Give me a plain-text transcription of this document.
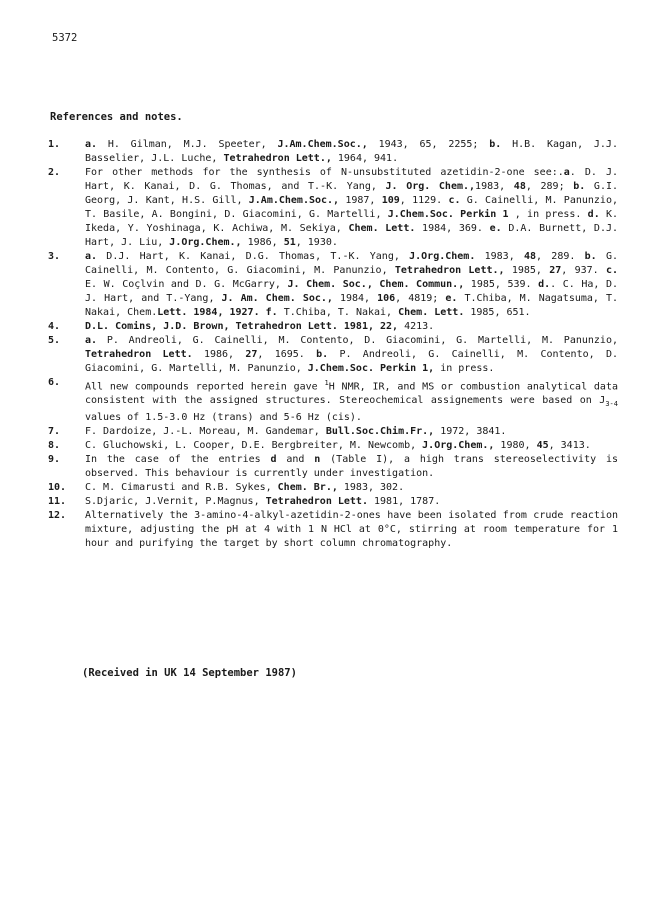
5372
References and notes.
1.	a. H. Gilman, M.J. Speeter, J.Am.Chem.Soc., 1943, 65, 2255; b. H.B. Kagan, J.J. Basselier, J.L. Luche, Tetrahedron Lett., 1964, 941.
2.	For other methods for the synthesis of N-unsubstituted azetidin-2-one see:.a. D. J. Hart, K. Kanai, D. G. Thomas, and T.-K. Yang, J. Org. Chem.,1983, 48, 289; b. G.I. Georg, J. Kant, H.S. Gill, J.Am.Chem.Soc., 1987, 109, 1129. c. G. Cainelli, M. Panunzio, T. Basile, A. Bongini, D. Giacomini, G. Martelli, J.Chem.Soc. Perkin 1 , in press. d. K. Ikeda, Y. Yoshinaga, K. Achiwa, M. Sekiya, Chem. Lett. 1984, 369. e. D.A. Burnett, D.J. Hart, J. Liu, J.Org.Chem., 1986, 51, 1930.
3.	a. D.J. Hart, K. Kanai, D.G. Thomas, T.-K. Yang, J.Org.Chem. 1983, 48, 289. b. G. Cainelli, M. Contento, G. Giacomini, M. Panunzio, Tetrahedron Lett., 1985, 27, 937. c. E. W. Coçlvin and D. G. McGarry, J. Chem. Soc., Chem. Commun., 1985, 539. d.. C. Ha, D. J. Hart, and T.-Yang, J. Am. Chem. Soc., 1984, 106, 4819; e. T.Chiba, M. Nagatsuma, T. Nakai, Chem.Lett. 1984, 1927. f. T.Chiba, T. Nakai, Chem. Lett. 1985, 651.
4.	D.L. Comins, J.D. Brown, Tetrahedron Lett. 1981, 22, 4213.
5.	a. P. Andreoli, G. Cainelli, M. Contento, D. Giacomini, G. Martelli, M. Panunzio, Tetrahedron Lett. 1986, 27, 1695. b. P. Andreoli, G. Cainelli, M. Contento, D. Giacomini, G. Martelli, M. Panunzio, J.Chem.Soc. Perkin 1, in press.
6.	All new compounds reported herein gave $^1$H NMR, IR, and MS or combustion analytical data consistent with the assigned structures. Stereochemical assignements were based on $J_{3-4}$ values of 1.5-3.0 Hz (trans) and 5-6 Hz (cis).
7.	F. Dardoize, J.-L. Moreau, M. Gandemar, Bull.Soc.Chim.Fr., 1972, 3841.
8.	C. Gluchowski, L. Cooper, D.E. Bergbreiter, M. Newcomb, J.Org.Chem., 1980, 45, 3413.
9.	In the case of the entries d and n (Table I), a high trans stereoselectivity is observed. This behaviour is currently under investigation.
10.	C. M. Cimarusti and R.B. Sykes, Chem. Br., 1983, 302.
11.	S.Djaric, J.Vernit, P.Magnus, Tetrahedron Lett. 1981, 1787.
12.	Alternatively the 3-amino-4-alkyl-azetidin-2-ones have been isolated from crude reaction mixture, adjusting the pH at 4 with 1 N HCl at 0°C, stirring at room temperature for 1 hour and purifying the target by short column chromatography.
(Received in UK 14 September 1987)
